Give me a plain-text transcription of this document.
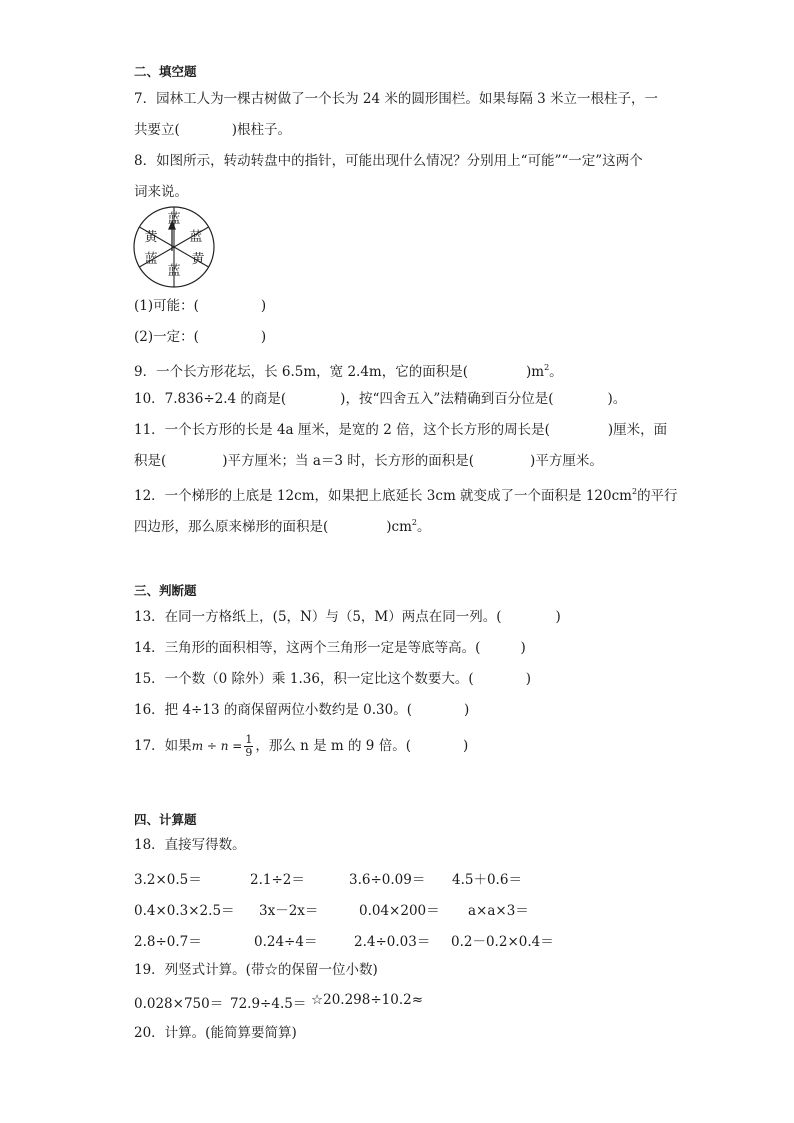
二、填空题
7．园林工人为一棵古树做了一个长为 24 米的圆形围栏。如果每隔 3 米立一根柱子，一
共要立(	)根柱子。
8．如图所示，转动转盘中的指针，可能出现什么情况？分别用上“可能”“一定”这两个
词来说。
蓝
蓝
黄
蓝
蓝
黄
(1)可能：(	)
(2)一定：(	)
9．一个长方形花坛，长 6.5m，宽 2.4m，它的面积是(	)$m^2$。
10．7.836÷2.4 的商是(	)，按“四舍五入”法精确到百分位是(	)。
11．一个长方形的长是 4a 厘米，是宽的 2 倍，这个长方形的周长是(	)厘米，面
积是(	)平方厘米；当 a＝3 时，长方形的面积是(	)平方厘米。
12．一个梯形的上底是 12cm，如果把上底延长 3cm 就变成了一个面积是 $120cm^2$的平行
四边形，那么原来梯形的面积是(	)$cm^2$。
三、判断题
13．在同一方格纸上，(5，N）与（5，M）两点在同一列。(	)
14．三角形的面积相等，这两个三角形一定是等底等高。(	)
15．一个数（0 除外）乘 1.36，积一定比这个数要大。(	)
16．把 4÷13 的商保留两位小数约是 0.30。(	)
17．如果$m \div n = \frac{1}{9}$ ，那么 n 是 m 的 9 倍。(	)
四、计算题
18．直接写得数。
3.2×0.5＝	2.1÷2＝	3.6÷0.09＝ 4.5＋0.6＝
0.4×0.3×2.5＝ 3x－2x＝	0.04×200＝ a×a×3＝
2.8÷0.7＝	0.24÷4＝	2.4÷0.03＝ 0.2－0.2×0.4＝
19．列竖式计算。(带☆的保留一位小数)
0.028×750＝ 72.9÷4.5＝ ☆20.298÷10.2≈
20．计算。(能简算要简算)
